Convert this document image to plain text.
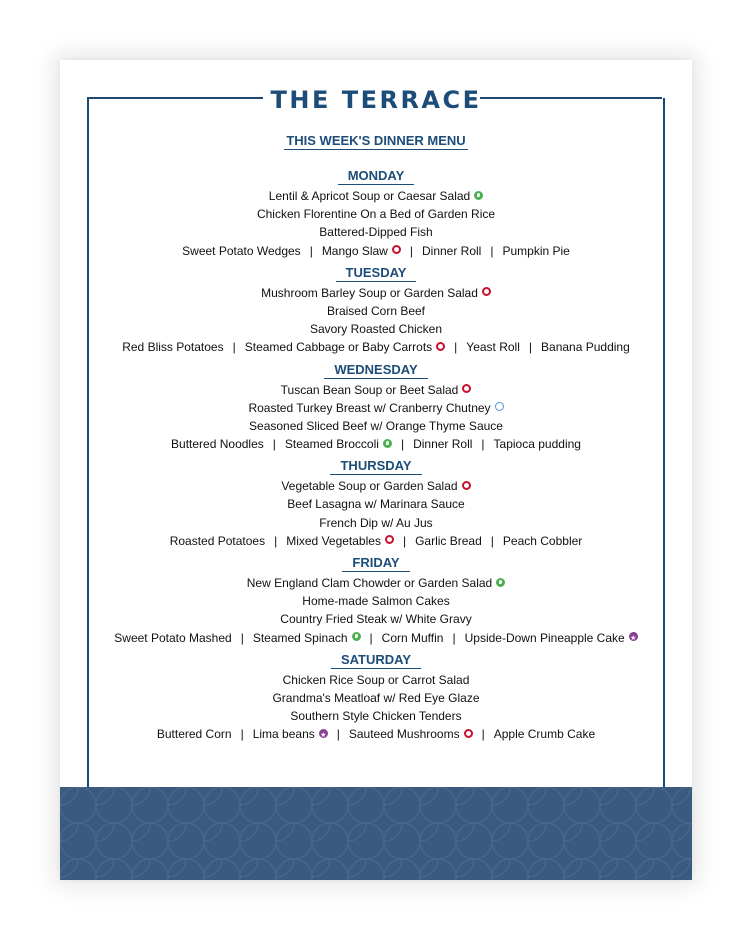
THE TERRACE
THIS WEEK'S DINNER MENU
MONDAY
Lentil & Apricot Soup or Caesar Salad
Chicken Florentine On a Bed of Garden Rice
Battered-Dipped Fish
Sweet Potato Wedges | Mango Slaw | Dinner Roll | Pumpkin Pie
TUESDAY
Mushroom Barley Soup or Garden Salad
Braised Corn Beef
Savory Roasted Chicken
Red Bliss Potatoes | Steamed Cabbage or Baby Carrots | Yeast Roll | Banana Pudding
WEDNESDAY
Tuscan Bean Soup or Beet Salad
Roasted Turkey Breast w/ Cranberry Chutney
Seasoned Sliced Beef w/ Orange Thyme Sauce
Buttered Noodles | Steamed Broccoli | Dinner Roll | Tapioca pudding
THURSDAY
Vegetable Soup or Garden Salad
Beef Lasagna w/ Marinara Sauce
French Dip w/ Au Jus
Roasted Potatoes | Mixed Vegetables | Garlic Bread | Peach Cobbler
FRIDAY
New England Clam Chowder or Garden Salad
Home-made Salmon Cakes
Country Fried Steak w/ White Gravy
Sweet Potato Mashed | Steamed Spinach | Corn Muffin | Upside-Down Pineapple Cake
★
SATURDAY
Chicken Rice Soup or Carrot Salad
Grandma's Meatloaf w/ Red Eye Glaze
Southern Style Chicken Tenders
Buttered Corn | Lima beans
★ | Sauteed Mushrooms | Apple Crumb Cake
